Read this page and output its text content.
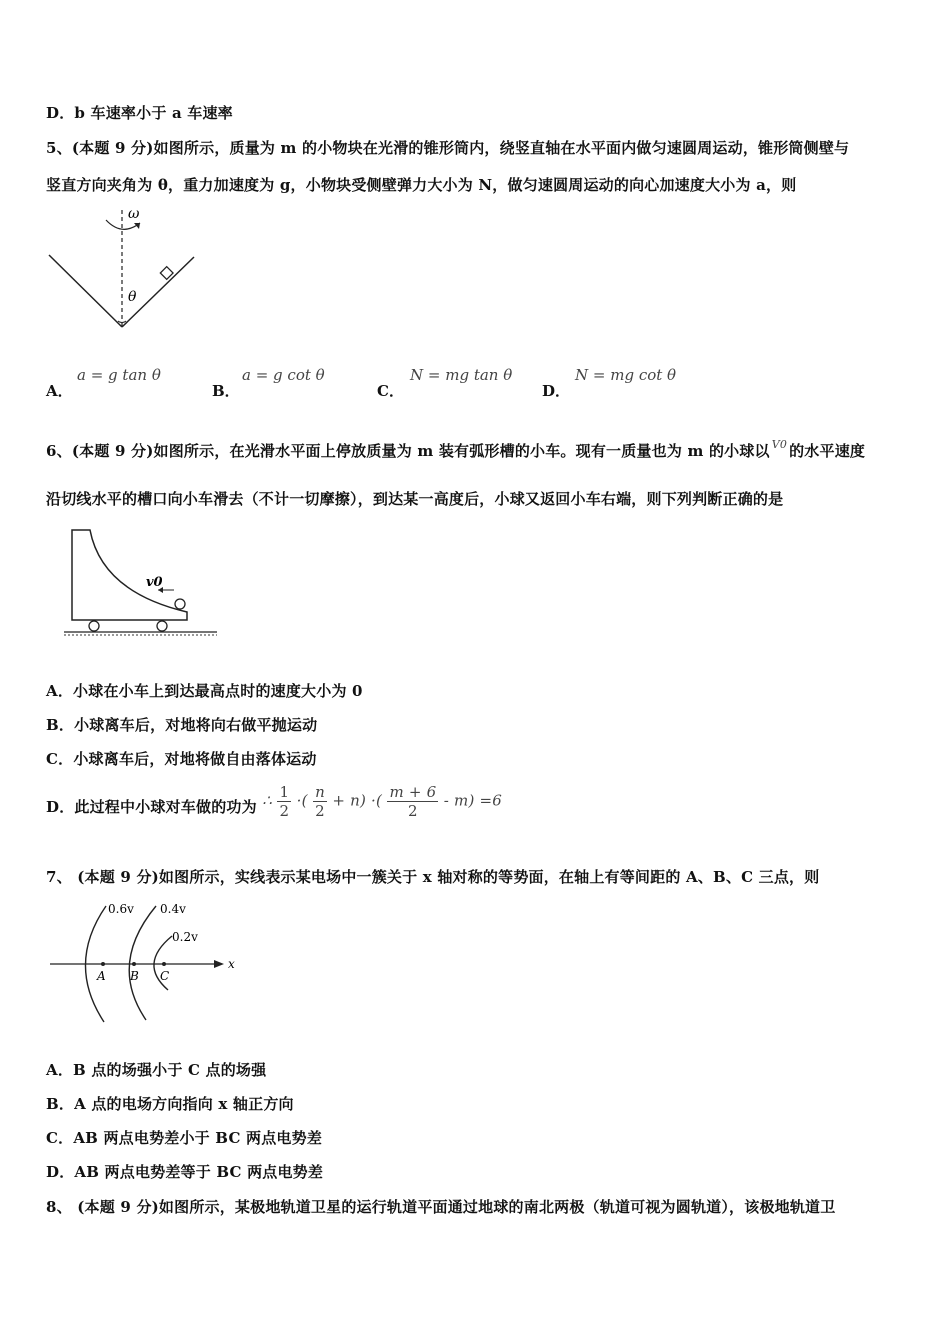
D．b 车速率小于 a 车速率
5、(本题 9 分)如图所示，质量为 m 的小物块在光滑的锥形筒内，绕竖直轴在水平面内做匀速圆周运动，锥形筒侧壁与
竖直方向夹角为 θ，重力加速度为 g，小物块受侧壁弹力大小为 N，做匀速圆周运动的向心加速度大小为 a，则
ω
θ
A．
a = g tan θ
B．
a = g cot θ
C．
N = mg tan θ
D．
N = mg cot θ
6、(本题 9 分)如图所示，在光滑水平面上停放质量为 m 装有弧形槽的小车。现有一质量也为 m 的小球以 $^{V0}$ 的水平速度
沿切线水平的槽口向小车滑去（不计一切摩擦），到达某一高度后，小球又返回小车右端，则下列判断正确的是
v0
A．小球在小车上到达最高点时的速度大小为 0
B．小球离车后，对地将向右做平抛运动
C．小球离车后，对地将做自由落体运动
D．此过程中小球对车做的功为 ∴ $\frac{1}{2}$ ·( $\frac{n}{2} + n$) ·( $\frac{m + 6}{2} - m) =6$
7、 (本题 9 分)如图所示，实线表示某电场中一簇关于 x 轴对称的等势面，在轴上有等间距的 A、B、C 三点，则
0.6v 0.4v
0.2v
A B C
x
A．B 点的场强小于 C 点的场强
B．A 点的电场方向指向 x 轴正方向
C．AB 两点电势差小于 BC 两点电势差
D．AB 两点电势差等于 BC 两点电势差
8、 (本题 9 分)如图所示，某极地轨道卫星的运行轨道平面通过地球的南北两极（轨道可视为圆轨道），该极地轨道卫
